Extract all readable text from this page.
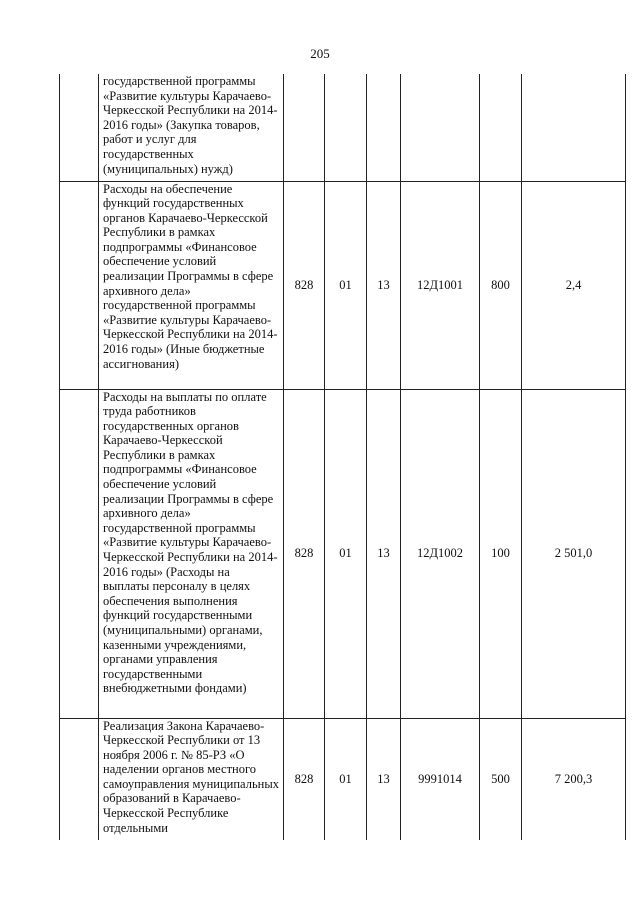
205
	государственной программы «Развитие культуры Карачаево-Черкесской Республики на 2014-2016 годы» (Закупка товаров, работ и услуг для государственных (муниципальных) нужд)						
	Расходы на обеспечение функций государственных органов Карачаево-Черкесской Республики в рамках подпрограммы «Финансовое обеспечение условий реализации Программы в сфере архивного дела» государственной программы «Развитие культуры Карачаево-Черкесской Республики на 2014-2016 годы» (Иные бюджетные ассигнования)	828	01	13	12Д1001	800	2,4
	Расходы на выплаты по оплате труда работников государственных органов Карачаево-Черкесской Республики в рамках подпрограммы «Финансовое обеспечение условий реализации Программы в сфере архивного дела» государственной программы «Развитие культуры Карачаево-Черкесской Республики на 2014-2016 годы» (Расходы на выплаты персоналу в целях обеспечения выполнения функций государственными (муниципальными) органами, казенными учреждениями, органами управления государственными внебюджетными фондами)	828	01	13	12Д1002	100	2 501,0
	Реализация Закона Карачаево-Черкесской Республики от 13 ноября 2006 г. № 85-РЗ «О наделении органов местного самоуправления муниципальных образований в Карачаево-Черкесской Республике отдельными	828	01	13	9991014	500	7 200,3
